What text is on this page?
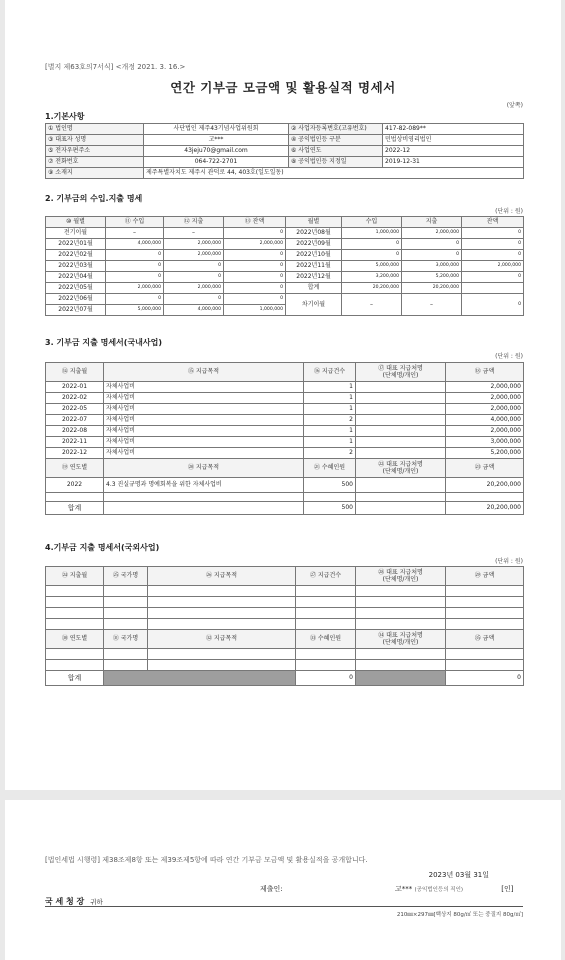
[별지 제63호의7서식] <개정 2021. 3. 16.>
연간 기부금 모금액 및 활용실적 명세서
(앞쪽)
1.기본사항
① 법인명	사단법인 제주43기념사업위원회	② 사업자등록번호(고유번호)	417-82-089**
③ 대표자 성명	고***	④ 공익법인등 구분	민법상비영리법인
⑤ 전자우편주소	43jeju70@gmail.com	⑥ 사업연도	2022-12
⑦ 전화번호	064-722-2701	⑧ 공익법인등 지정일	2019-12-31
⑨ 소재지	제주특별자치도 제주시 관덕로 44, 403호(일도일동)		
2. 기부금의 수입.지출 명세
(단위 : 원)
⑩ 월별	⑪ 수입	⑫ 지출	⑬ 잔액	월별	수입	지출	잔액
전기이월	–	–	0	2022년08월	1,000,000	2,000,000	0
2022년01월	4,000,000	2,000,000	2,000,000	2022년09월	0	0	0
2022년02월	0	2,000,000	0	2022년10월	0	0	0
2022년03월	0	0	0	2022년11월	5,000,000	3,000,000	2,000,000
2022년04월	0	0	0	2022년12월	3,200,000	5,200,000	0
2022년05월	2,000,000	2,000,000	0	합계	20,200,000	20,200,000	
2022년06월	0	0	0	차기이월	–	–	0
2022년07월	5,000,000	4,000,000	1,000,000				
3. 기부금 지출 명세서(국내사업)
(단위 : 원)
⑭ 지출월	⑮ 지급목적	⑯ 지급건수	⑰ 대표 지급처명
(단체명/개인)	⑱ 금액
2022-01	자체사업비	1		2,000,000
2022-02	자체사업비	1		2,000,000
2022-05	자체사업비	1		2,000,000
2022-07	자체사업비	2		4,000,000
2022-08	자체사업비	1		2,000,000
2022-11	자체사업비	1		3,000,000
2022-12	자체사업비	2		5,200,000
⑲ 연도별	⑳ 지급목적	㉑ 수혜인원	㉒ 대표 지급처명
(단체명/개인)	㉓ 금액
2022	4.3 진실규명과 명예회복을 위한 자체사업비	500		20,200,000

합계		500		20,200,000
4.기부금 지출 명세서(국외사업)
(단위 : 원)
㉔ 지출월	㉕ 국가명	㉖ 지급목적	㉗ 지급건수	㉘ 대표 지급처명
(단체명/개인)	㉙ 금액

㉚ 연도별	㉛ 국가명	㉜ 지급목적	㉝ 수혜인원	㉞ 대표 지급처명
(단체명/개인)	㉟ 금액

합계			0		0
[법인세법 시행령] 제38조제8항 또는 제39조제5항에 따라 연간 기부금 모금액 및 활용실적을 공개합니다.
2023년 03월 31일
제출인:	고*** (공익법인등의 직인)	[인]
국 세 청 장 귀하
210㎜×297㎜[백상지 80g/㎡ 또는 중질지 80g/㎡]
